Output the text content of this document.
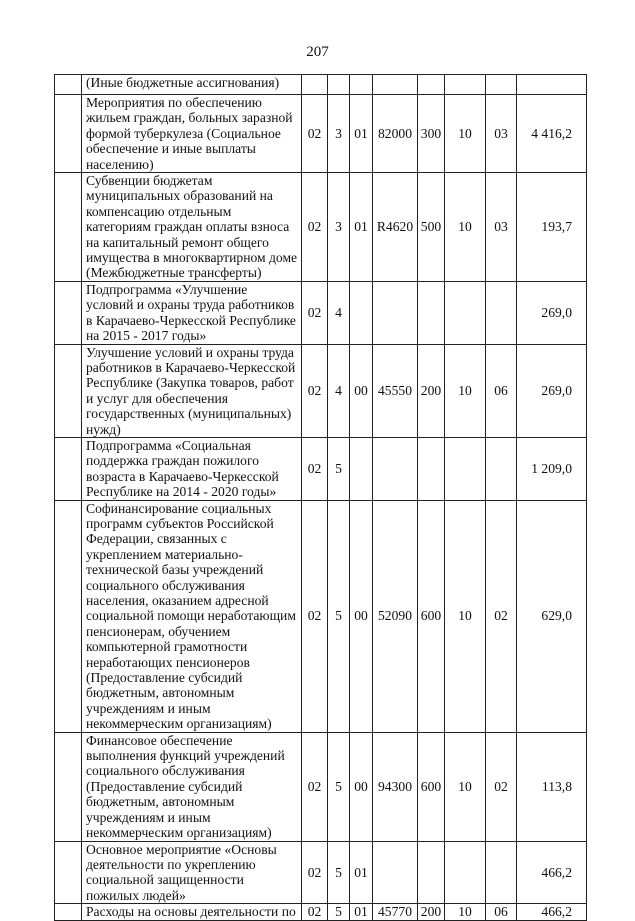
207

	(Иные бюджетные ассигнования)								

	Мероприятия по обеспечению жильем граждан, больных заразной формой туберкулеза (Социальное обеспечение и иные выплаты населению)	02	3	01	82000	300	10	03	4 416,2

	Субвенции бюджетам муниципальных образований на компенсацию отдельным категориям граждан оплаты взноса на капитальный ремонт общего имущества в многоквартирном доме (Межбюджетные трансферты)	02	3	01	R4620	500	10	03	193,7

	Подпрограмма «Улучшение условий и охраны труда работников в Карачаево-Черкесской Республике на 2015 - 2017 годы»	02	4						269,0

	Улучшение условий и охраны труда работников в Карачаево-Черкесской Республике (Закупка товаров, работ и услуг для обеспечения государственных (муниципальных) нужд)	02	4	00	45550	200	10	06	269,0

	Подпрограмма «Социальная поддержка граждан пожилого возраста в Карачаево-Черкесской Республике на 2014 - 2020 годы»	02	5						1 209,0

	Софинансирование социальных программ субъектов Российской Федерации, связанных с укреплением материально-технической базы учреждений социального обслуживания населения, оказанием адресной социальной помощи неработающим пенсионерам, обучением компьютерной грамотности неработающих пенсионеров (Предоставление субсидий бюджетным, автономным учреждениям и иным некоммерческим организациям)	02	5	00	52090	600	10	02	629,0

	Финансовое обеспечение выполнения функций учреждений социального обслуживания (Предоставление субсидий бюджетным, автономным учреждениям и иным некоммерческим организациям)	02	5	00	94300	600	10	02	113,8

	Основное мероприятие «Основы деятельности по укреплению социальной защищенности пожилых людей»	02	5	01					466,2

	Расходы на основы деятельности по	02	5	01	45770	200	10	06	466,2
